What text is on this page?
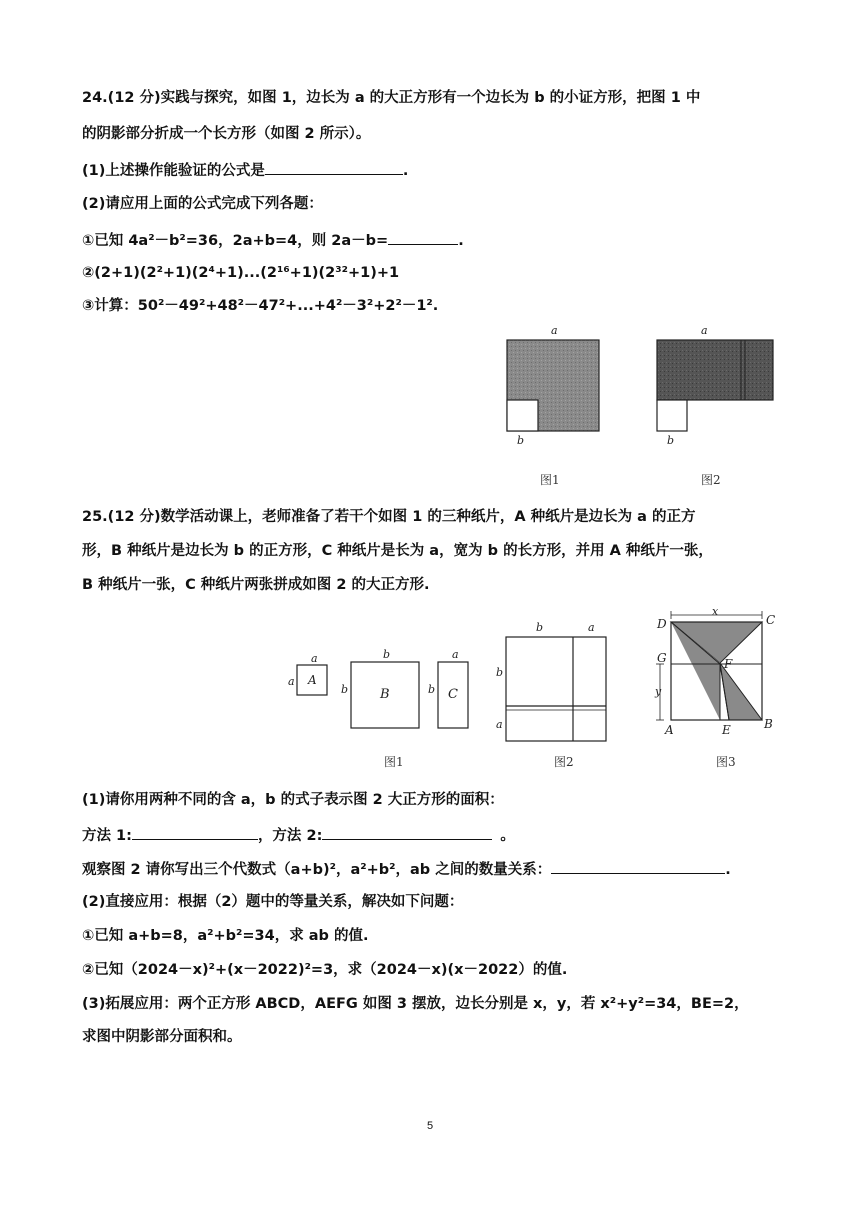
24.(12 分)实践与探究，如图 1，边长为 a 的大正方形有一个边长为 b 的小证方形，把图 1 中
的阴影部分折成一个长方形（如图 2 所示）。
(1)上述操作能验证的公式是	.
(2)请应用上面的公式完成下列各题：
①已知 4a²－b²=36，2a+b=4，则 2a－b=	.
②(2+1)(2²+1)(2⁴+1)...(2¹⁶+1)(2³²+1)+1
③计算：50²－49²+48²－47²+...+4²－3²+2²－1².
a
b
图1
a
b
图2
25.(12 分)数学活动课上，老师准备了若干个如图 1 的三种纸片，A 种纸片是边长为 a 的正方
形，B 种纸片是边长为 b 的正方形，C 种纸片是长为 a，宽为 b 的长方形，并用 A 种纸片一张，
B 种纸片一张，C 种纸片两张拼成如图 2 的大正方形.
a
a A
b
b B
a
b C
图1
b	a
b
a
图2
x
y
D	C
G	F
A	E	B
图3
(1)请你用两种不同的含 a，b 的式子表示图 2 大正方形的面积：
方法 1:	，方法 2:	。
观察图 2 请你写出三个代数式（a+b)²，a²+b²，ab 之间的数量关系：	.
(2)直接应用：根据（2）题中的等量关系，解决如下问题：
①已知 a+b=8，a²+b²=34，求 ab 的值.
②已知（2024－x)²+(x－2022)²=3，求（2024－x)(x－2022）的值.
(3)拓展应用：两个正方形 ABCD，AEFG 如图 3 摆放，边长分别是 x，y，若 x²+y²=34，BE=2，
求图中阴影部分面积和。
5
